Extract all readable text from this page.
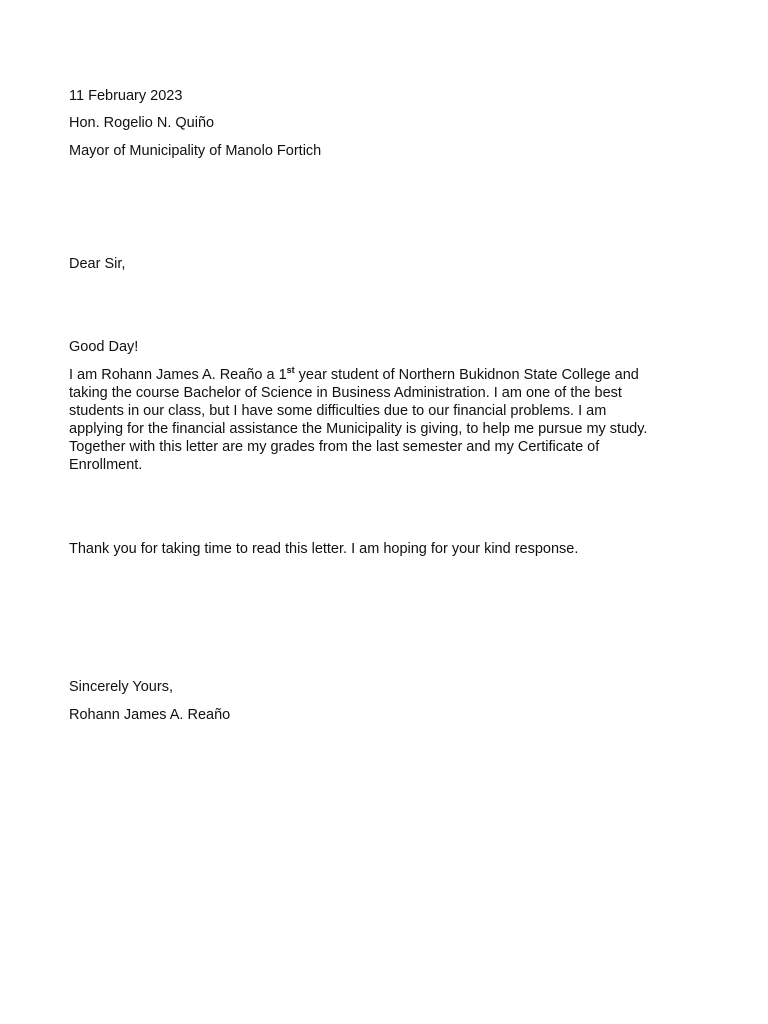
11 February 2023
Hon. Rogelio N. Quiño
Mayor of Municipality of Manolo Fortich
Dear Sir,
Good Day!
I am Rohann James A. Reaño a 1st year student of Northern Bukidnon State College and
taking the course Bachelor of Science in Business Administration. I am one of the best
students in our class, but I have some difficulties due to our financial problems. I am
applying for the financial assistance the Municipality is giving, to help me pursue my study.
Together with this letter are my grades from the last semester and my Certificate of
Enrollment.
Thank you for taking time to read this letter. I am hoping for your kind response.
Sincerely Yours,
Rohann James A. Reaño
